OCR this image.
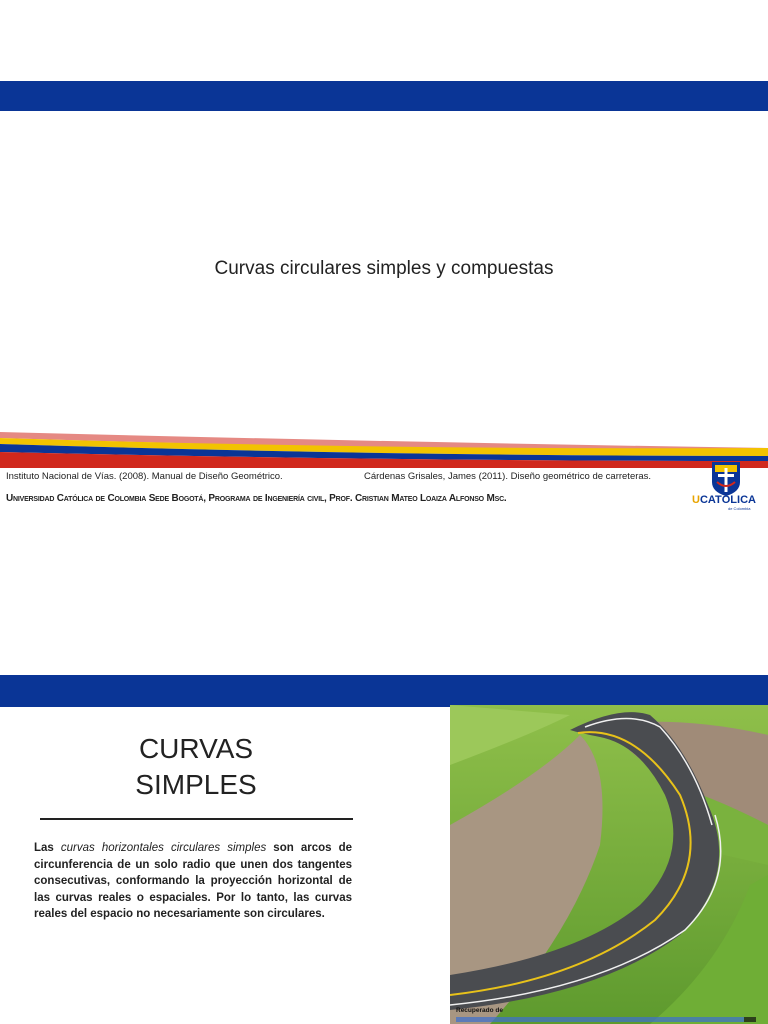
Curvas circulares simples y compuestas
Instituto Nacional de Vías. (2008). Manual de Diseño Geométrico.	Cárdenas Grisales, James (2011). Diseño geométrico de carreteras.
Universidad Católica de Colombia Sede Bogotá, Programa de Ingeniería civil, Prof. Cristian Mateo Loaiza Alfonso Msc.	UCATÓLICA
de Colombia
CURVAS
SIMPLES
Las curvas horizontales circulares simples son arcos de circunferencia de un solo radio que unen dos tangentes consecutivas, conformando la proyección horizontal de las curvas reales o espaciales. Por lo tanto, las curvas reales del espacio no necesariamente son circulares.
Recuperado de
